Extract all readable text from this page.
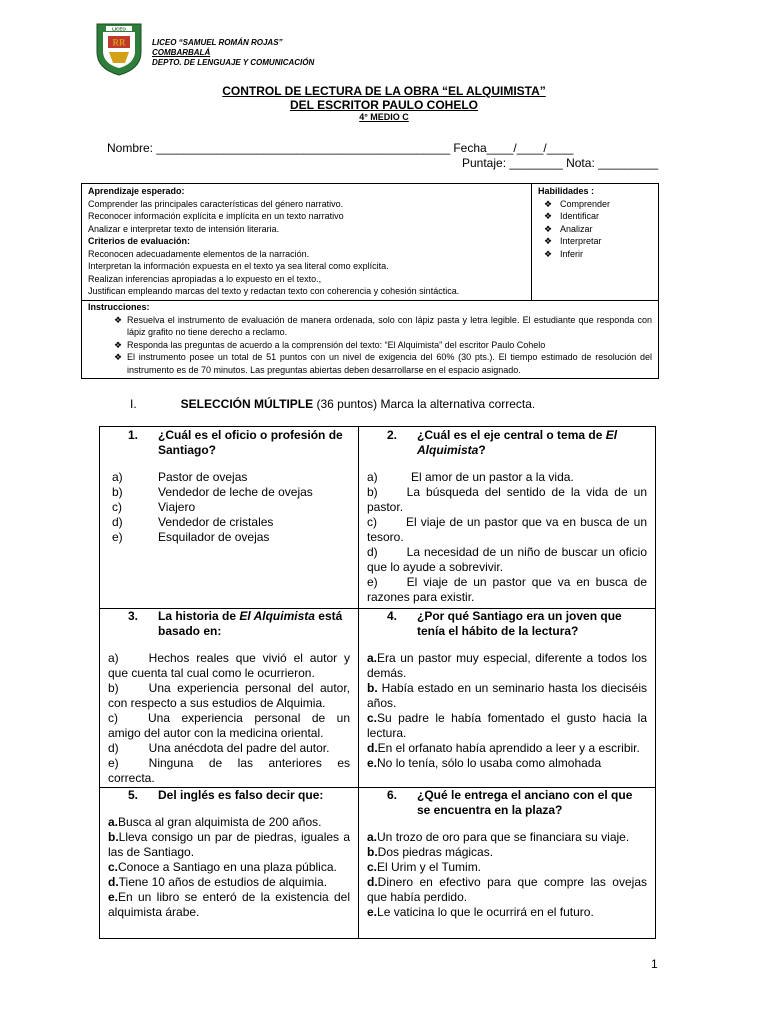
LICEO
RR	LICEO “SAMUEL ROMÁN ROJAS”
COMBARBALÁ
DEPTO. DE LENGUAJE Y COMUNICACIÓN
CONTROL DE LECTURA DE LA OBRA “EL ALQUIMISTA”
DEL ESCRITOR PAULO COHELO
4° MEDIO C
Nombre: ____________________________________________ Fecha____/____/____
Puntaje: ________ Nota: _________
Aprendizaje esperado:
Comprender las principales características del género narrativo.
Reconocer información explícita e implícita en un texto narrativo
Analizar e interpretar texto de intensión literaria.
Criterios de evaluación:
Reconocen adecuadamente elementos de la narración.
Interpretan la información expuesta en el texto ya sea literal como explícita.
Realizan inferencias apropiadas a lo expuesto en el texto.,
Justifican empleando marcas del texto y redactan texto con coherencia y cohesión sintáctica.
Habilidades :
❖ Comprender
❖ Identificar
❖ Analizar
❖ Interpretar
❖ Inferir
Instrucciones:
❖ Resuelva el instrumento de evaluación de manera ordenada, solo con lápiz pasta y letra legible. El estudiante que responda con lápiz grafito no tiene derecho a reclamo.
❖ Responda las preguntas de acuerdo a la comprensión del texto: “El Alquimista” del escritor Paulo Cohelo
❖ El instrumento posee un total de 51 puntos con un nivel de exigencia del 60% (30 pts.). El tiempo estimado de resolución del instrumento es de 70 minutos. Las preguntas abiertas deben desarrollarse en el espacio asignado.
I.	SELECCIÓN MÚLTIPLE (36 puntos) Marca la alternativa correcta.
1. ¿Cuál es el oficio o profesión de Santiago?
a)	Pastor de ovejas
b)	Vendedor de leche de ovejas
c)	Viajero
d)	Vendedor de cristales
e)	Esquilador de ovejas
2. ¿Cuál es el eje central o tema de El Alquimista?
a)	El amor de un pastor a la vida.
b) La búsqueda del sentido de la vida de un pastor.
c) El viaje de un pastor que va en busca de un tesoro.
d) La necesidad de un niño de buscar un oficio que lo ayude a sobrevivir.
e) El viaje de un pastor que va en busca de razones para existir.
3. La historia de El Alquimista está basado en:
a)	Hechos reales que vivió el autor y que cuenta tal cual como le ocurrieron.
b)	Una experiencia personal del autor, con respecto a sus estudios de Alquimia.
c)	Una experiencia personal de un amigo del autor con la medicina oriental.
d)	Una anécdota del padre del autor.
e)	Ninguna de las anteriores es correcta.
4. ¿Por qué Santiago era un joven que tenía el hábito de la lectura?
a.Era un pastor muy especial, diferente a todos los demás.
b. Había estado en un seminario hasta los dieciséis años.
c.Su padre le había fomentado el gusto hacia la lectura.
d.En el orfanato había aprendido a leer y a escribir.
e.No lo tenía, sólo lo usaba como almohada
5. Del inglés es falso decir que:
a.Busca al gran alquimista de 200 años.
b.Lleva consigo un par de piedras, iguales a las de Santiago.
c.Conoce a Santiago en una plaza pública.
d.Tiene 10 años de estudios de alquimia.
e.En un libro se enteró de la existencia del alquimista árabe.
6. ¿Qué le entrega el anciano con el que se encuentra en la plaza?
a.Un trozo de oro para que se financiara su viaje.
b.Dos piedras mágicas.
c.El Urim y el Tumim.
d.Dinero en efectivo para que compre las ovejas que había perdido.
e.Le vaticina lo que le ocurrirá en el futuro.
1
